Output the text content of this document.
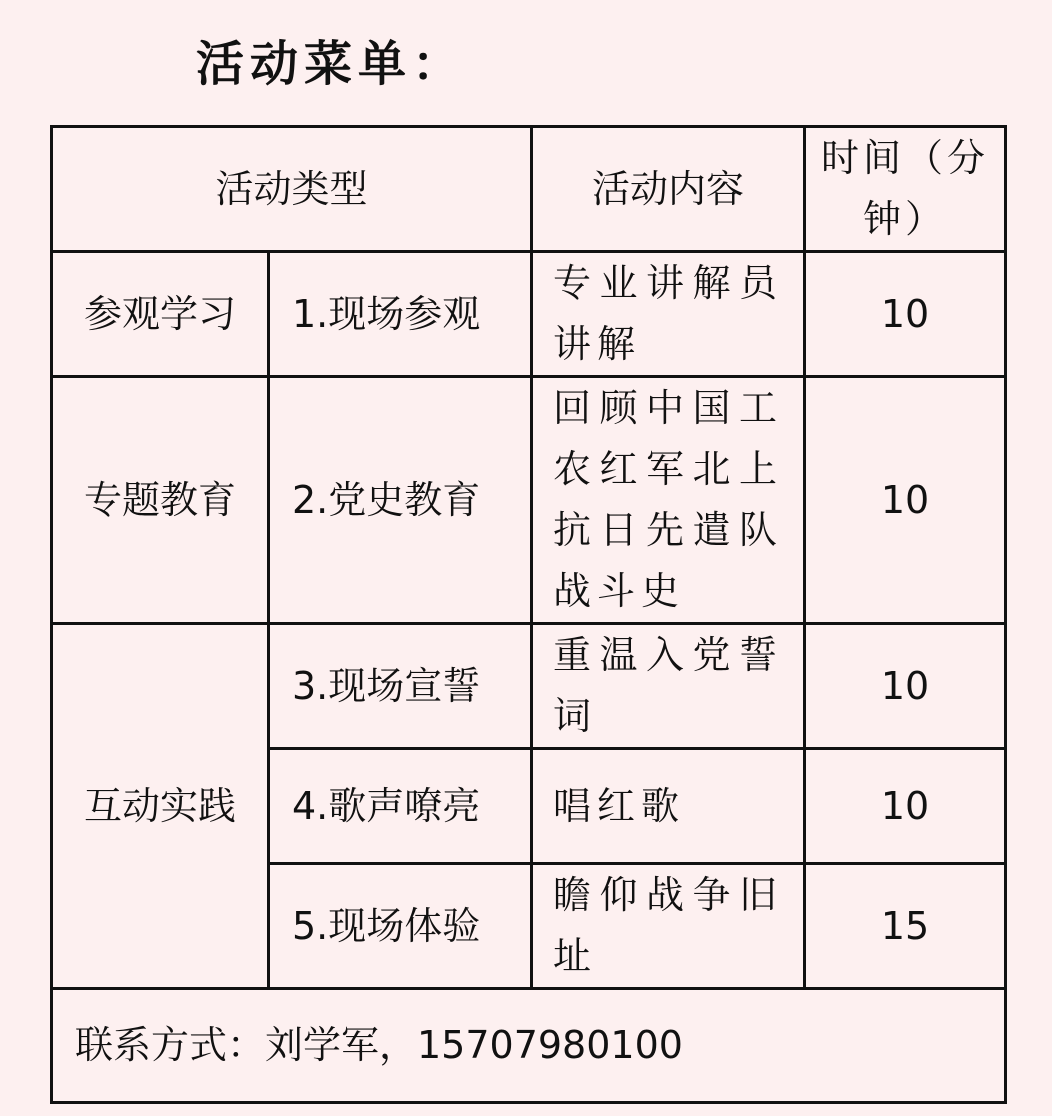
活动菜单：
活动类型		活动内容	时间（分钟）
参观学习	1.现场参观	专业讲解员讲解	10
专题教育	2.党史教育	回顾中国工农红军北上抗日先遣队战斗史	10
互动实践	3.现场宣誓	重温入党誓词	10
	4.歌声嘹亮	唱红歌	10
	5.现场体验	瞻仰战争旧址	15
联系方式：刘学军，15707980100			
